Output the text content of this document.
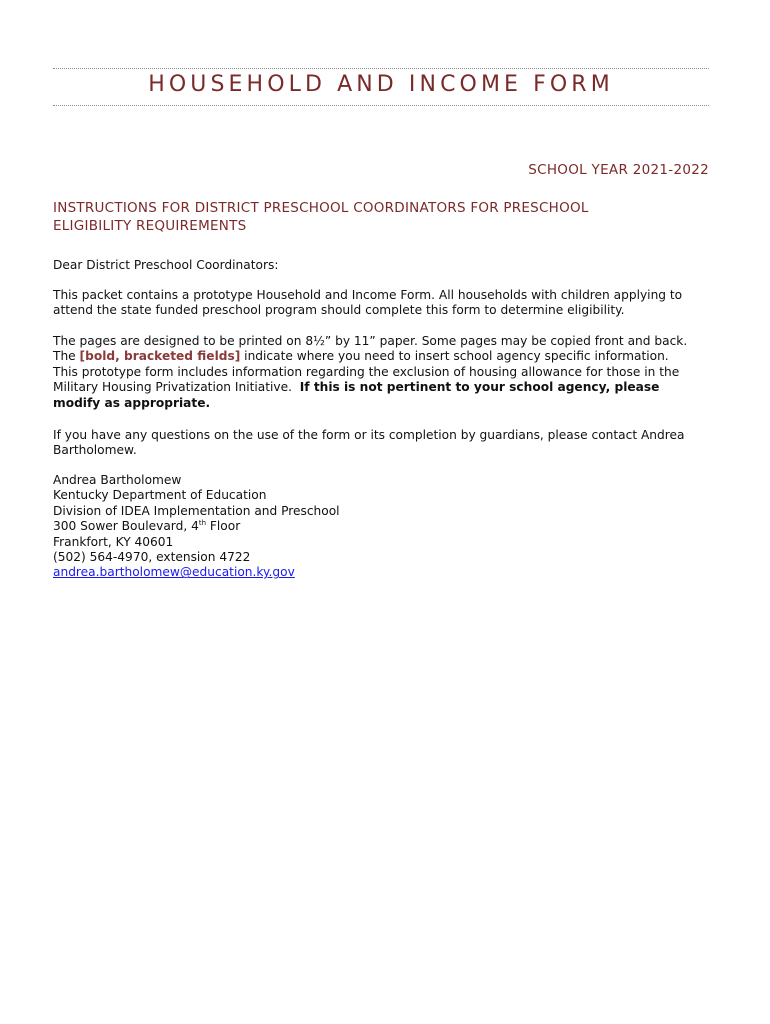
HOUSEHOLD AND INCOME FORM
SCHOOL YEAR 2021-2022
INSTRUCTIONS FOR DISTRICT PRESCHOOL COORDINATORS FOR PRESCHOOL
ELIGIBILITY REQUIREMENTS
Dear District Preschool Coordinators:
This packet contains a prototype Household and Income Form. All households with children applying to
attend the state funded preschool program should complete this form to determine eligibility.
The pages are designed to be printed on 8½” by 11” paper. Some pages may be copied front and back.
The [bold, bracketed fields] indicate where you need to insert school agency specific information.
This prototype form includes information regarding the exclusion of housing allowance for those in the
Military Housing Privatization Initiative.  If this is not pertinent to your school agency, please
modify as appropriate.
If you have any questions on the use of the form or its completion by guardians, please contact Andrea
Bartholomew.
Andrea Bartholomew
Kentucky Department of Education
Division of IDEA Implementation and Preschool
300 Sower Boulevard, 4th Floor
Frankfort, KY 40601
(502) 564-4970, extension 4722
andrea.bartholomew@education.ky.gov
